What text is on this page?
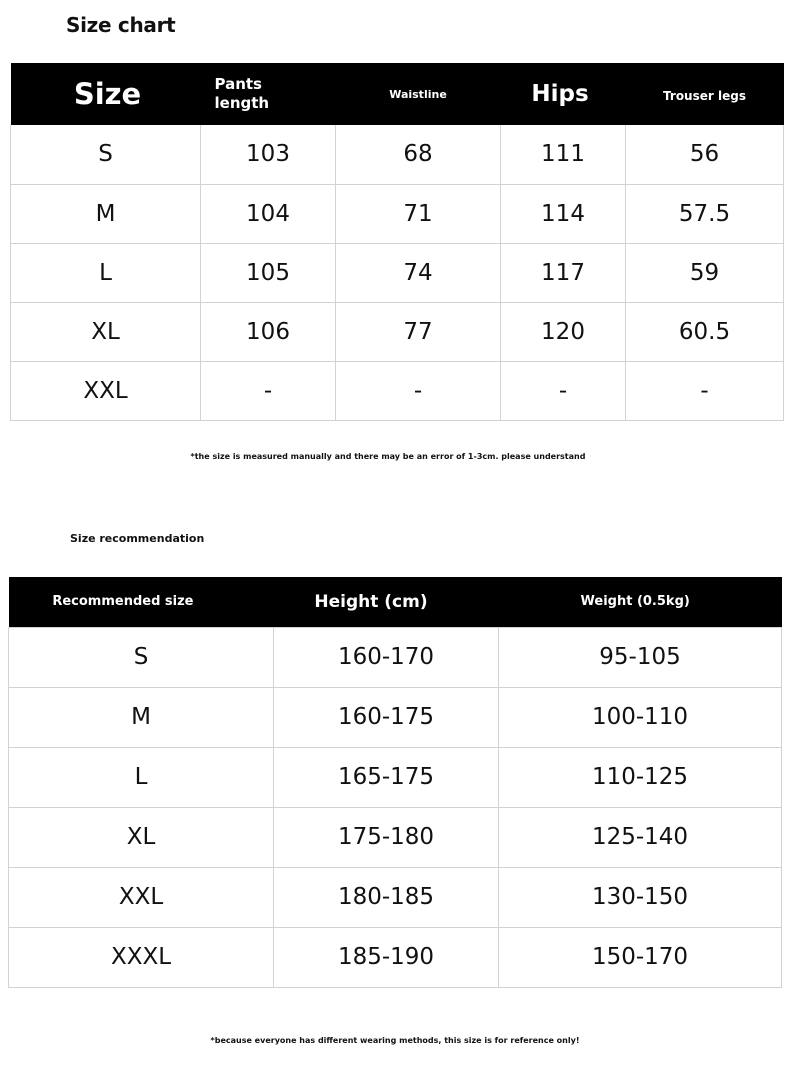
Size chart
Size	Pants length	Waistline	Hips	Trouser legs
S	103	68	111	56
M	104	71	114	57.5
L	105	74	117	59
XL	106	77	120	60.5
XXL	-	-	-	-
*the size is measured manually and there may be an error of 1-3cm. please understand
Size recommendation
Recommended size	Height (cm)	Weight (0.5kg)
S	160-170	95-105
M	160-175	100-110
L	165-175	110-125
XL	175-180	125-140
XXL	180-185	130-150
XXXL	185-190	150-170
*because everyone has different wearing methods, this size is for reference only!
